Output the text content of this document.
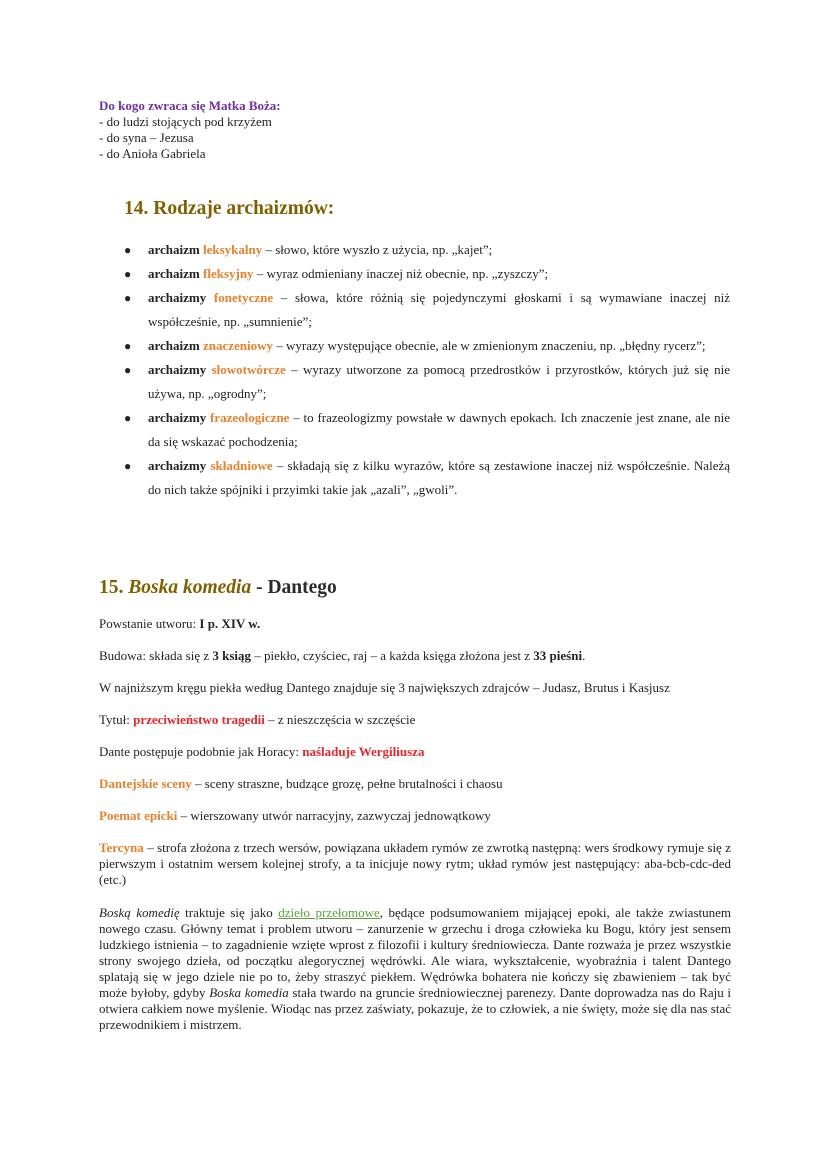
Do kogo zwraca się Matka Boża:
- do ludzi stojących pod krzyżem
- do syna – Jezusa
- do Anioła Gabriela
14. Rodzaje archaizmów:
● archaizm leksykalny – słowo, które wyszło z użycia, np. „kajet”;
● archaizm fleksyjny – wyraz odmieniany inaczej niż obecnie, np. „zyszczy”;
● archaizmy fonetyczne – słowa, które różnią się pojedynczymi głoskami i są wymawiane inaczej niż współcześnie, np. „sumnienie”;
● archaizm znaczeniowy – wyrazy występujące obecnie, ale w zmienionym znaczeniu, np. „błędny rycerz”;
● archaizmy słowotwórcze – wyrazy utworzone za pomocą przedrostków i przyrostków, których już się nie używa, np. „ogrodny”;
● archaizmy frazeologiczne – to frazeologizmy powstałe w dawnych epokach. Ich znaczenie jest znane, ale nie da się wskazać pochodzenia;
● archaizmy składniowe – składają się z kilku wyrazów, które są zestawione inaczej niż współcześnie. Należą do nich także spójniki i przyimki takie jak „azali”, „gwoli”.
15. Boska komedia - Dantego

Powstanie utworu: I p. XIV w.

Budowa: składa się z 3 ksiąg – piekło, czyściec, raj – a każda księga złożona jest z 33 pieśni.

W najniższym kręgu piekła według Dantego znajduje się 3 największych zdrajców – Judasz, Brutus i Kasjusz

Tytuł: przeciwieństwo tragedii – z nieszczęścia w szczęście

Dante postępuje podobnie jak Horacy: naśladuje Wergiliusza

Dantejskie sceny – sceny straszne, budzące grozę, pełne brutalności i chaosu

Poemat epicki – wierszowany utwór narracyjny, zazwyczaj jednowątkowy

Tercyna – strofa złożona z trzech wersów, powiązana układem rymów ze zwrotką następną: wers środkowy rymuje się z pierwszym i ostatnim wersem kolejnej strofy, a ta inicjuje nowy rytm; układ rymów jest następujący: aba-bcb-cdc-ded (etc.)

Boską komedię traktuje się jako dzieło przełomowe, będące podsumowaniem mijającej epoki, ale także zwiastunem nowego czasu. Główny temat i problem utworu – zanurzenie w grzechu i droga człowieka ku Bogu, który jest sensem ludzkiego istnienia – to zagadnienie wzięte wprost z filozofii i kultury średniowiecza. Dante rozważa je przez wszystkie strony swojego dzieła, od początku alegorycznej wędrówki. Ale wiara, wykształcenie, wyobraźnia i talent Dantego splatają się w jego dziele nie po to, żeby straszyć piekłem. Wędrówka bohatera nie kończy się zbawieniem – tak być może byłoby, gdyby Boska komedia stała twardo na gruncie średniowiecznej parenezy. Dante doprowadza nas do Raju i otwiera całkiem nowe myślenie. Wiodąc nas przez zaświaty, pokazuje, że to człowiek, a nie święty, może się dla nas stać przewodnikiem i mistrzem.
